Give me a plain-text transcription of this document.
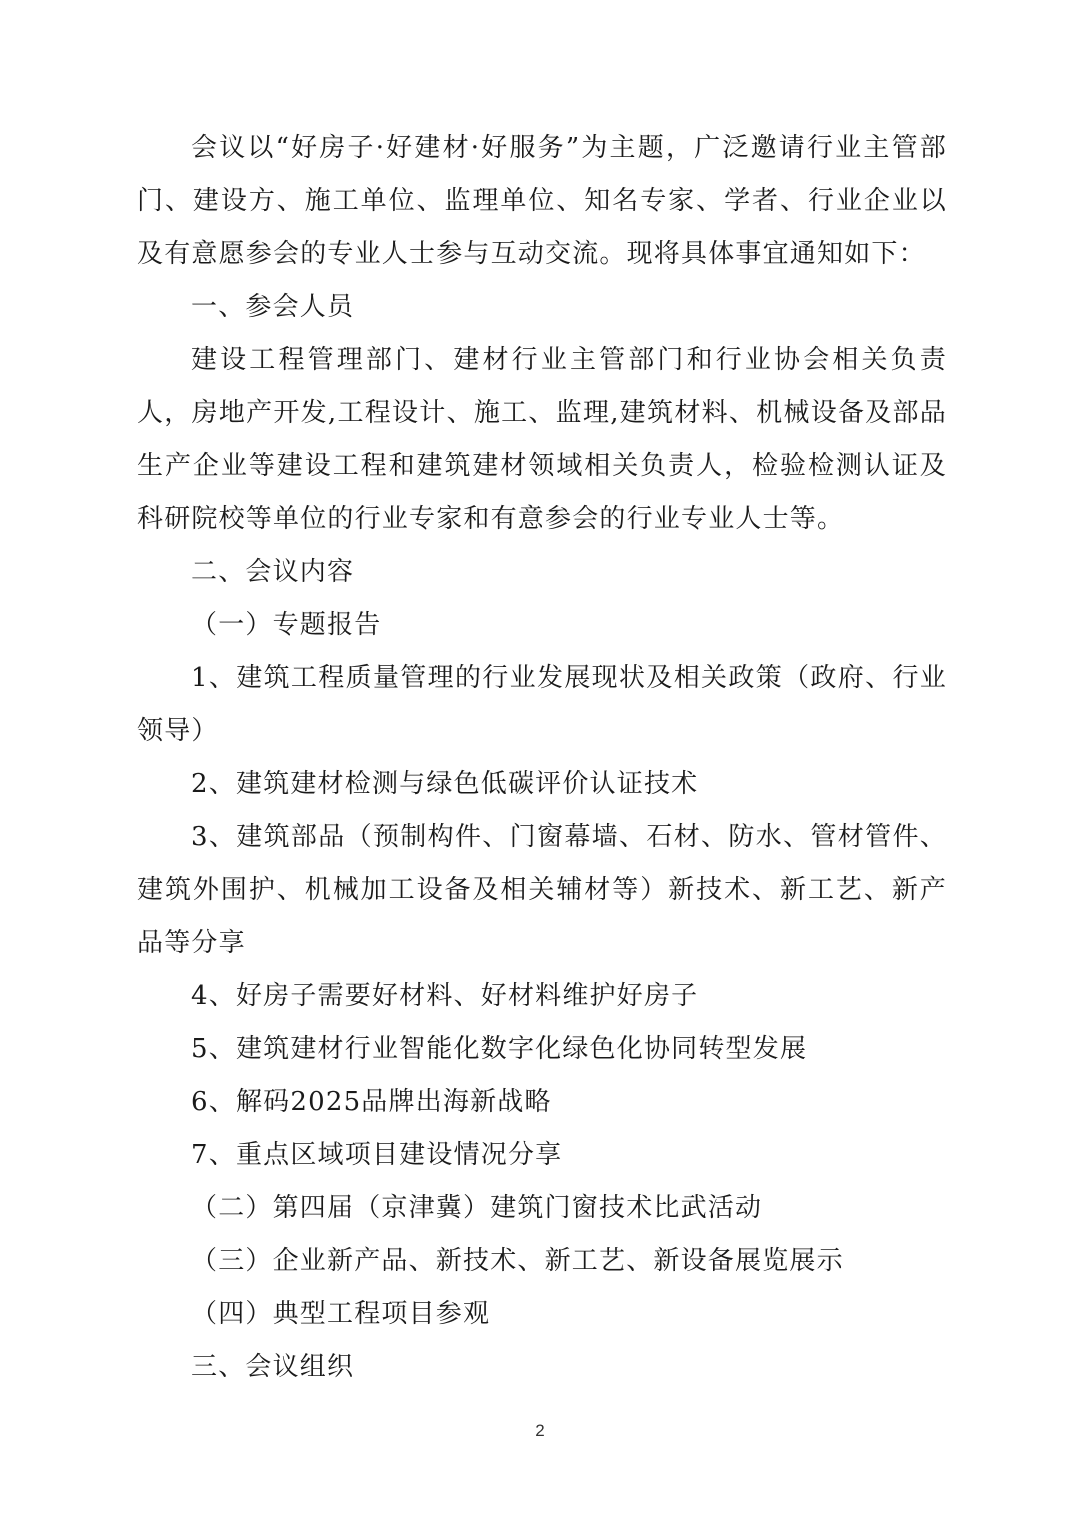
会议以“好房子·好建材·好服务”为主题，广泛邀请行业主管部门、建设方、施工单位、监理单位、知名专家、学者、行业企业以及有意愿参会的专业人士参与互动交流。现将具体事宜通知如下：

一、参会人员

建设工程管理部门、建材行业主管部门和行业协会相关负责人，房地产开发,工程设计、施工、监理,建筑材料、机械设备及部品生产企业等建设工程和建筑建材领域相关负责人，检验检测认证及科研院校等单位的行业专家和有意参会的行业专业人士等。

二、会议内容

（一）专题报告

1、建筑工程质量管理的行业发展现状及相关政策（政府、行业领导）

2、建筑建材检测与绿色低碳评价认证技术

3、建筑部品（预制构件、门窗幕墙、石材、防水、管材管件、建筑外围护、机械加工设备及相关辅材等）新技术、新工艺、新产品等分享

4、好房子需要好材料、好材料维护好房子

5、建筑建材行业智能化数字化绿色化协同转型发展

6、解码2025品牌出海新战略

7、重点区域项目建设情况分享

（二）第四届（京津冀）建筑门窗技术比武活动

（三）企业新产品、新技术、新工艺、新设备展览展示

（四）典型工程项目参观

三、会议组织

2
